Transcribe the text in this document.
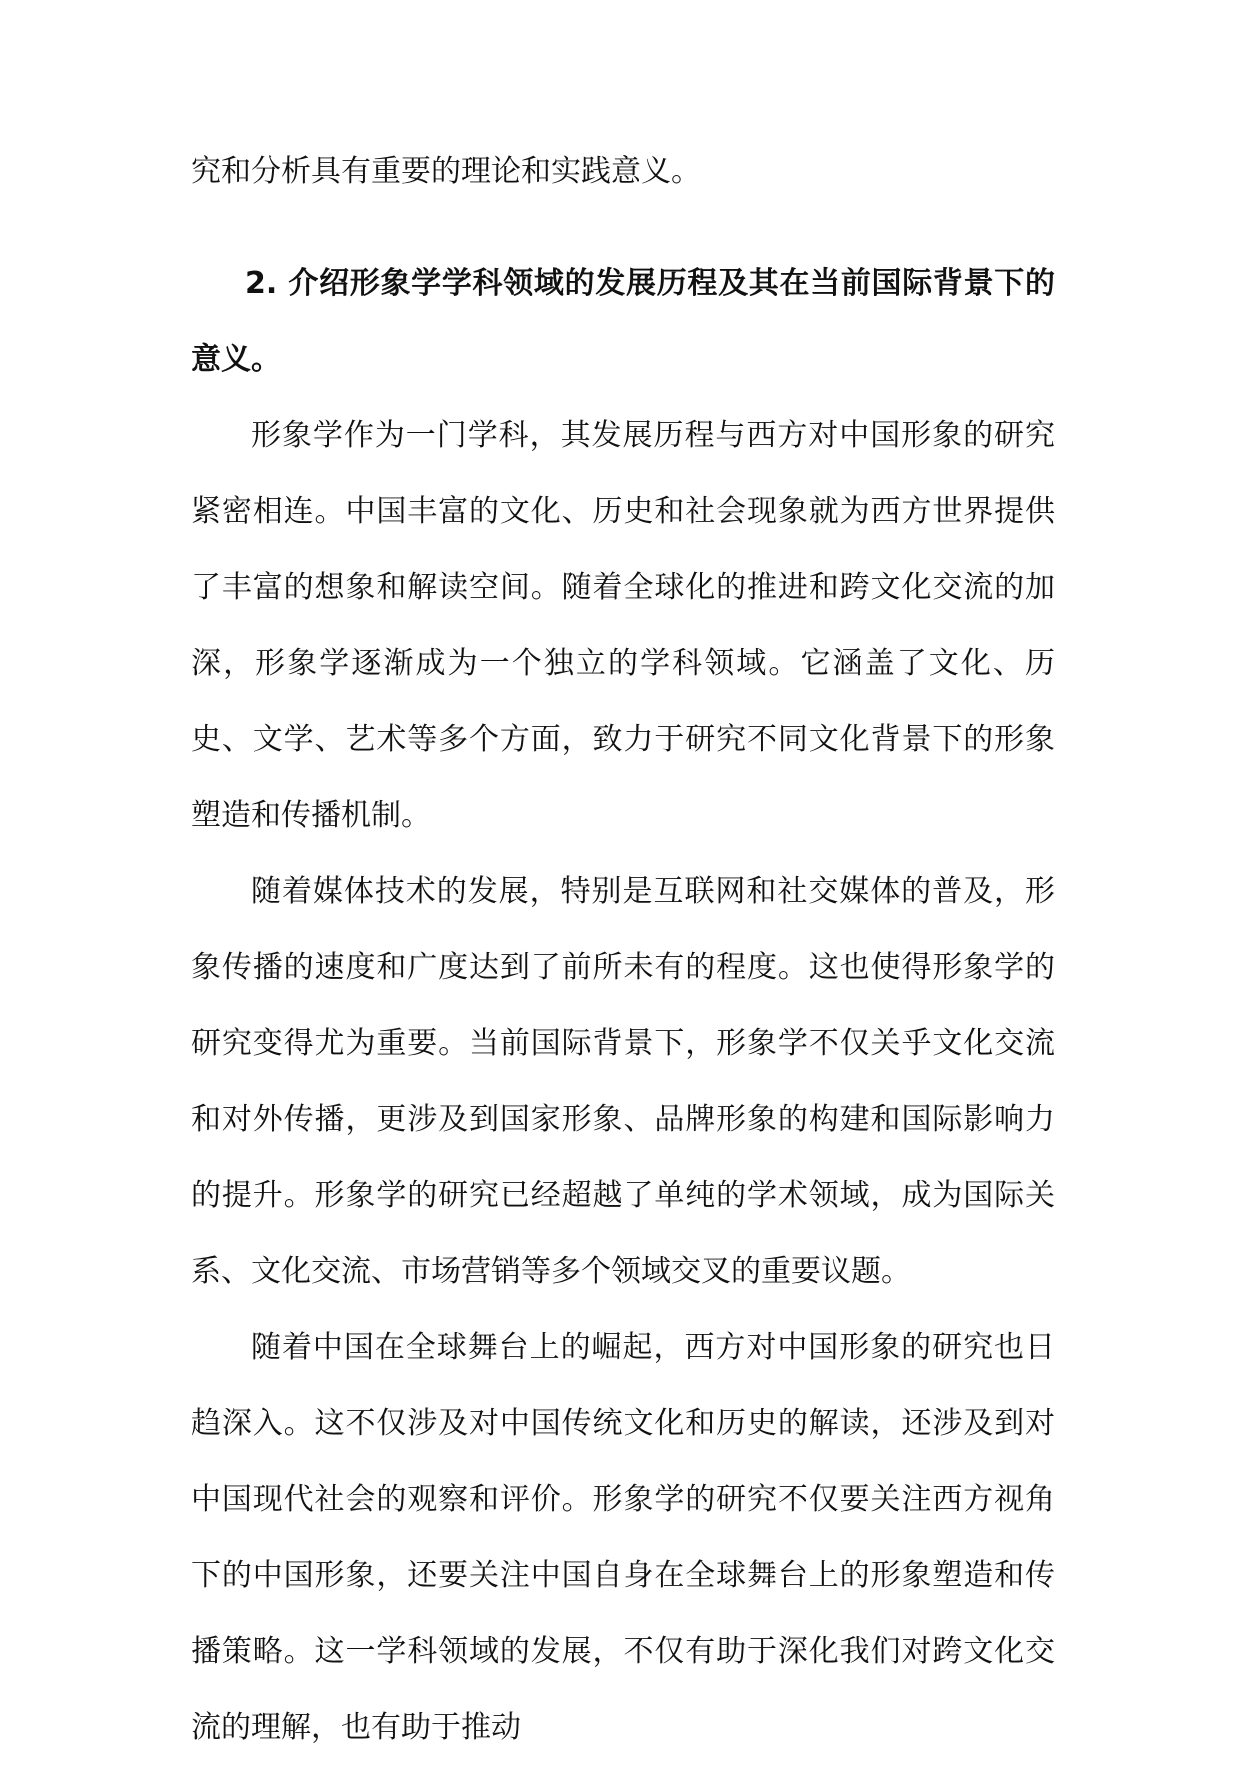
究和分析具有重要的理论和实践意义。

2. 介绍形象学学科领域的发展历程及其在当前国际背景下的意义。

形象学作为一门学科，其发展历程与西方对中国形象的研究紧密相连。中国丰富的文化、历史和社会现象就为西方世界提供了丰富的想象和解读空间。随着全球化的推进和跨文化交流的加深，形象学逐渐成为一个独立的学科领域。它涵盖了文化、历史、文学、艺术等多个方面，致力于研究不同文化背景下的形象塑造和传播机制。

随着媒体技术的发展，特别是互联网和社交媒体的普及，形象传播的速度和广度达到了前所未有的程度。这也使得形象学的研究变得尤为重要。当前国际背景下，形象学不仅关乎文化交流和对外传播，更涉及到国家形象、品牌形象的构建和国际影响力的提升。形象学的研究已经超越了单纯的学术领域，成为国际关系、文化交流、市场营销等多个领域交叉的重要议题。

随着中国在全球舞台上的崛起，西方对中国形象的研究也日趋深入。这不仅涉及对中国传统文化和历史的解读，还涉及到对中国现代社会的观察和评价。形象学的研究不仅要关注西方视角下的中国形象，还要关注中国自身在全球舞台上的形象塑造和传播策略。这一学科领域的发展，不仅有助于深化我们对跨文化交流的理解，也有助于推动
